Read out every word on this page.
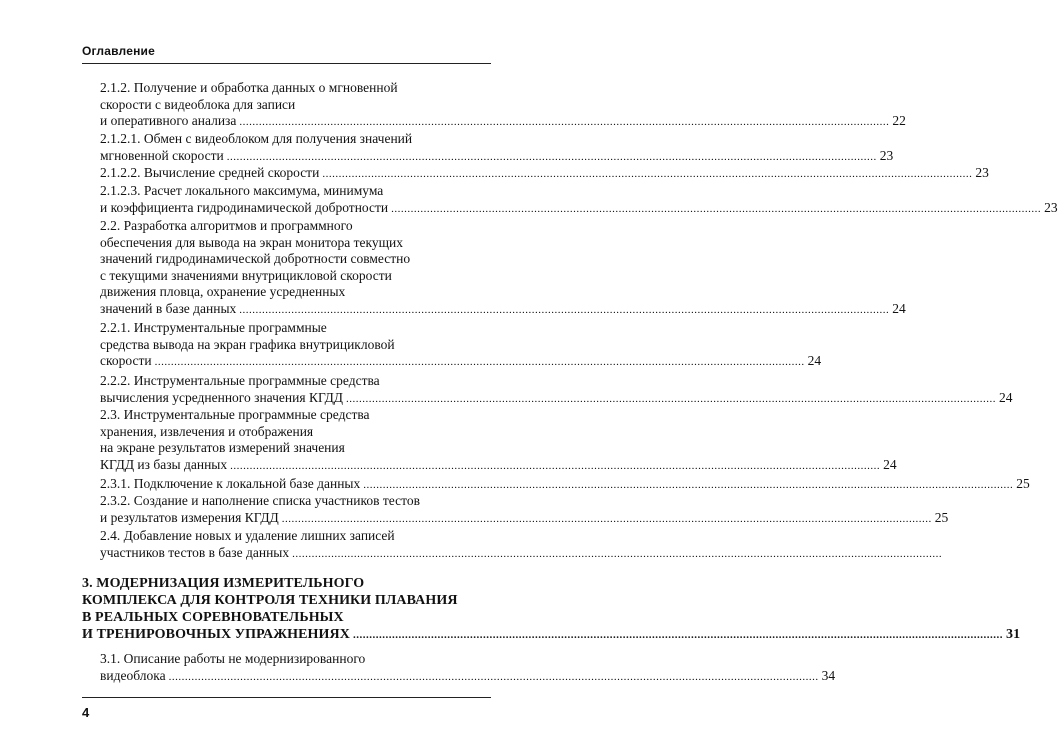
Оглавление
2.1.2. Получение и обработка данных о мгновенной
скорости с видеоблока для записи
и оперативного анализа ........................................................................................................................................................................................................ 22
2.1.2.1. Обмен с видеоблоком для получения значений
мгновенной скорости ........................................................................................................................................................................................................ 23
2.1.2.2. Вычисление средней скорости ........................................................................................................................................................................................................ 23
2.1.2.3. Расчет локального максимума, минимума
и коэффициента гидродинамической добротности ........................................................................................................................................................................................................ 23
2.2. Разработка алгоритмов и программного
обеспечения для вывода на экран монитора текущих
значений гидродинамической добротности совместно
с текущими значениями внутрицикловой скорости
движения пловца, охранение усредненных
значений в базе данных ........................................................................................................................................................................................................ 24
2.2.1. Инструментальные программные
средства вывода на экран графика внутрицикловой
скорости ........................................................................................................................................................................................................ 24
2.2.2. Инструментальные программные средства
вычисления усредненного значения КГДД ........................................................................................................................................................................................................ 24
2.3. Инструментальные программные средства
хранения, извлечения и отображения
на экране результатов измерений значения
КГДД из базы данных ........................................................................................................................................................................................................ 24
2.3.1. Подключение к локальной базе данных ........................................................................................................................................................................................................ 25
2.3.2. Создание и наполнение списка участников тестов
и результатов измерения КГДД ........................................................................................................................................................................................................ 25
2.4. Добавление новых и удаление лишних записей
участников тестов в базе данных ........................................................................................................................................................................................................
3. МОДЕРНИЗАЦИЯ ИЗМЕРИТЕЛЬНОГО
КОМПЛЕКСА ДЛЯ КОНТРОЛЯ ТЕХНИКИ ПЛАВАНИЯ
В РЕАЛЬНЫХ СОРЕВНОВАТЕЛЬНЫХ
И ТРЕНИРОВОЧНЫХ УПРАЖНЕНИЯХ ........................................................................................................................................................................................................ 31
3.1. Описание работы не модернизированного
видеоблока ........................................................................................................................................................................................................ 34
4
